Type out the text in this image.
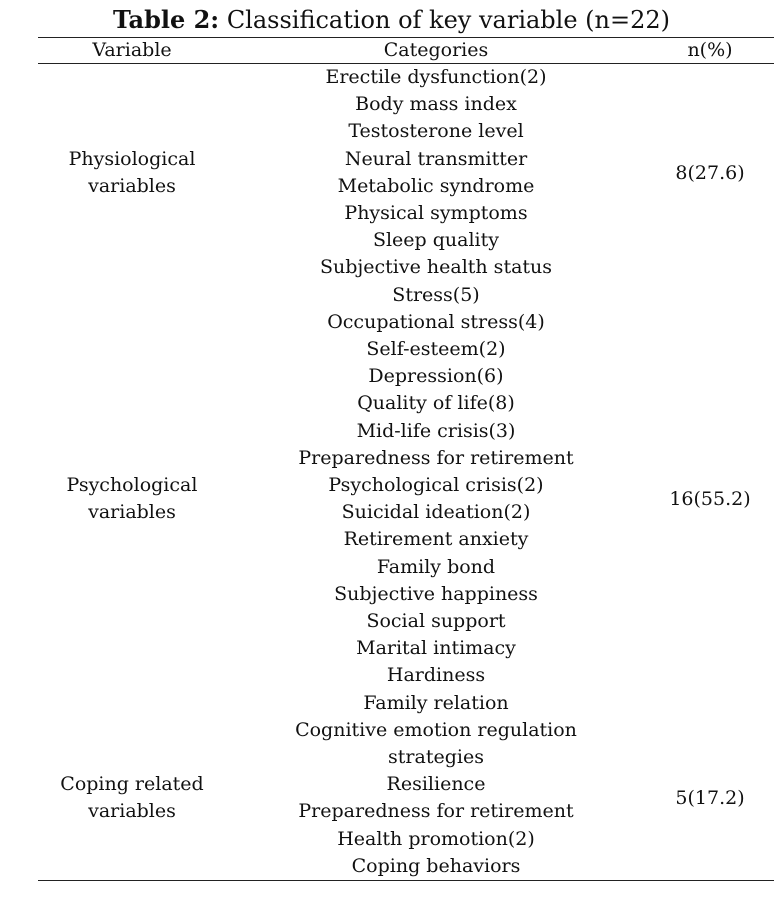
Table 2: Classification of key variable (n=22)
Variable	Categories	n(%)
Physiological
variables
Erectile dysfunction(2)
Body mass index
Testosterone level
Neural transmitter
Metabolic syndrome
Physical symptoms
Sleep quality
Subjective health status
8(27.6)
Psychological
variables
Stress(5)
Occupational stress(4)
Self-esteem(2)
Depression(6)
Quality of life(8)
Mid-life crisis(3)
Preparedness for retirement
Psychological crisis(2)
Suicidal ideation(2)
Retirement anxiety
Family bond
Subjective happiness
Social support
Marital intimacy
Hardiness
Family relation
16(55.2)
Coping related
variables
Cognitive emotion regulation
strategies
Resilience
Preparedness for retirement
Health promotion(2)
Coping behaviors
5(17.2)
